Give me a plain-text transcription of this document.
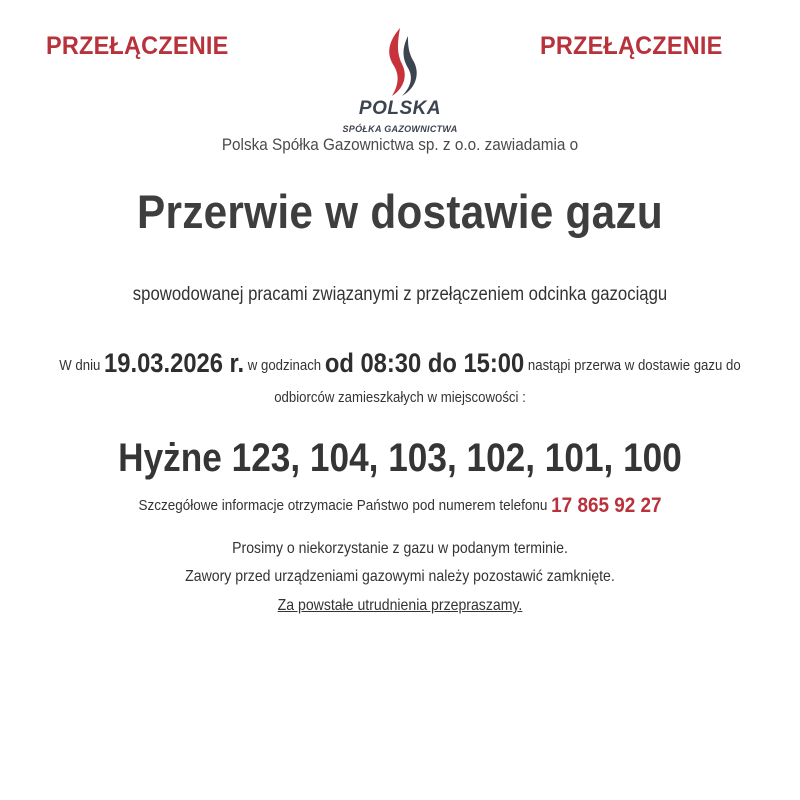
PRZEŁĄCZENIE	PRZEŁĄCZENIE
POLSKA
SPÓŁKA GAZOWNICTWA
Polska Spółka Gazownictwa sp. z o.o. zawiadamia o
Przerwie w dostawie gazu
spowodowanej pracami związanymi z przełączeniem odcinka gazociągu
W dniu 19.03.2026 r. w godzinach od 08:30 do 15:00 nastąpi przerwa w dostawie gazu do
odbiorców zamieszkałych w miejscowości :
Hyżne 123, 104, 103, 102, 101, 100
Szczegółowe informacje otrzymacie Państwo pod numerem telefonu 17 865 92 27
Prosimy o niekorzystanie z gazu w podanym terminie.
Zawory przed urządzeniami gazowymi należy pozostawić zamknięte.
Za powstałe utrudnienia przepraszamy.
